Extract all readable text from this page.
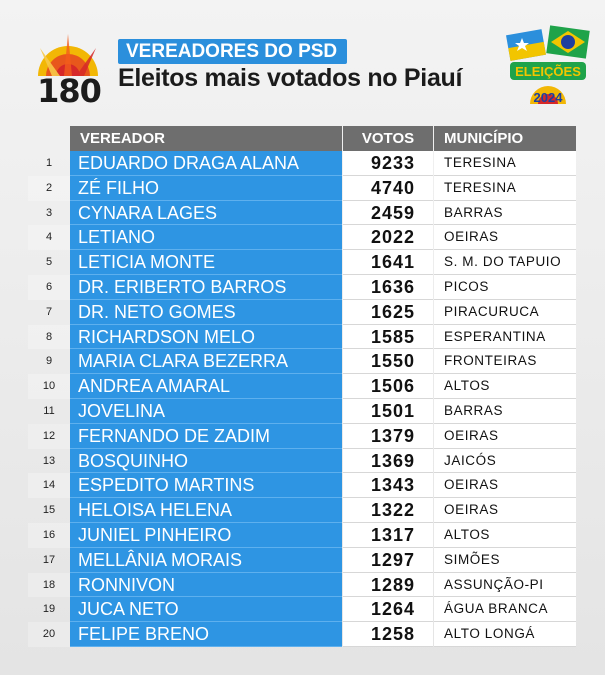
180
VEREADORES DO PSD
Eleitos mais votados no Piauí	ELEIÇÕES
2024
VEREADOR	VOTOS	MUNICÍPIO
1	EDUARDO DRAGA ALANA	9233	TERESINA
2	ZÉ FILHO	4740	TERESINA
3	CYNARA LAGES	2459	BARRAS
4	LETIANO	2022	OEIRAS
5	LETICIA MONTE	1641	S. M. DO TAPUIO
6	DR. ERIBERTO BARROS	1636	PICOS
7	DR. NETO GOMES	1625	PIRACURUCA
8	RICHARDSON MELO	1585	ESPERANTINA
9	MARIA CLARA BEZERRA	1550	FRONTEIRAS
10	ANDREA AMARAL	1506	ALTOS
11	JOVELINA	1501	BARRAS
12	FERNANDO DE ZADIM	1379	OEIRAS
13	BOSQUINHO	1369	JAICÓS
14	ESPEDITO MARTINS	1343	OEIRAS
15	HELOISA HELENA	1322	OEIRAS
16	JUNIEL PINHEIRO	1317	ALTOS
17	MELLÂNIA MORAIS	1297	SIMÕES
18	RONNIVON	1289	ASSUNÇÃO-PI
19	JUCA NETO	1264	ÁGUA BRANCA
20	FELIPE BRENO	1258	ALTO LONGÁ
